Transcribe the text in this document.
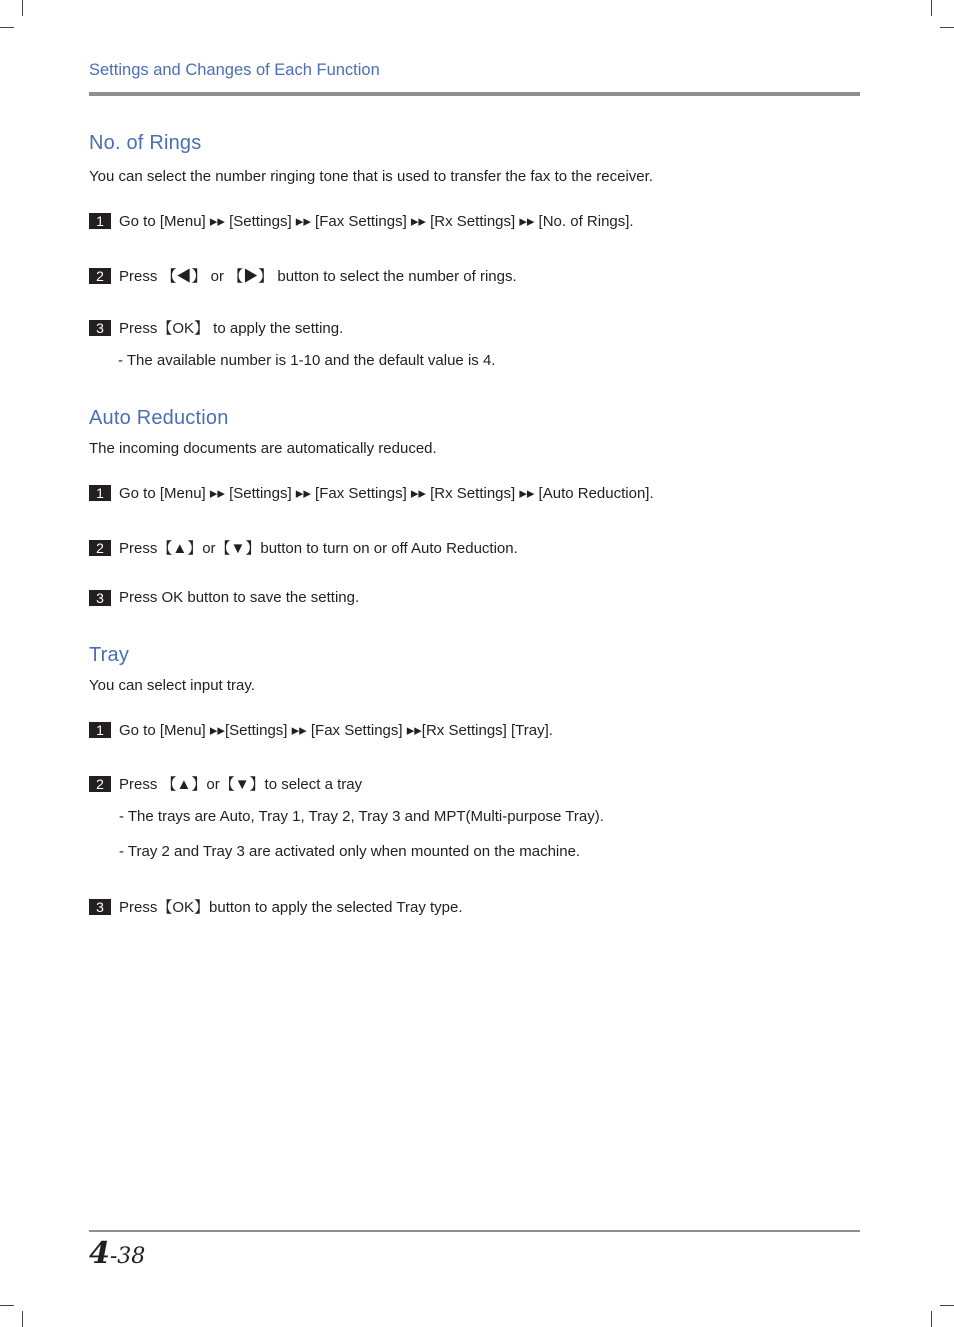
Settings and Changes of Each Function
No. of Rings
You can select the number ringing tone that is used to transfer the fax to the receiver.
1	Go to [Menu] ▸▸ [Settings] ▸▸ [Fax Settings] ▸▸ [Rx Settings] ▸▸ [No. of Rings].
2	Press 【◀】 or 【▶】 button to select the number of rings.
3	Press【OK】 to apply the setting.
- The available number is 1-10 and the default value is 4.
Auto Reduction
The incoming documents are automatically reduced.
1	Go to [Menu] ▸▸ [Settings] ▸▸ [Fax Settings] ▸▸ [Rx Settings] ▸▸ [Auto Reduction].
2	Press【▲】or【▼】button to turn on or off Auto Reduction.
3	Press OK button to save the setting.
Tray
You can select input tray.
1	Go to [Menu] ▸▸[Settings] ▸▸ [Fax Settings] ▸▸[Rx Settings] [Tray].
2	Press 【▲】or【▼】to select a tray
- The trays are Auto, Tray 1, Tray 2, Tray 3 and MPT(Multi-purpose Tray).
- Tray 2 and Tray 3 are activated only when mounted on the machine.
3	Press【OK】button to apply the selected Tray type.
4-38
